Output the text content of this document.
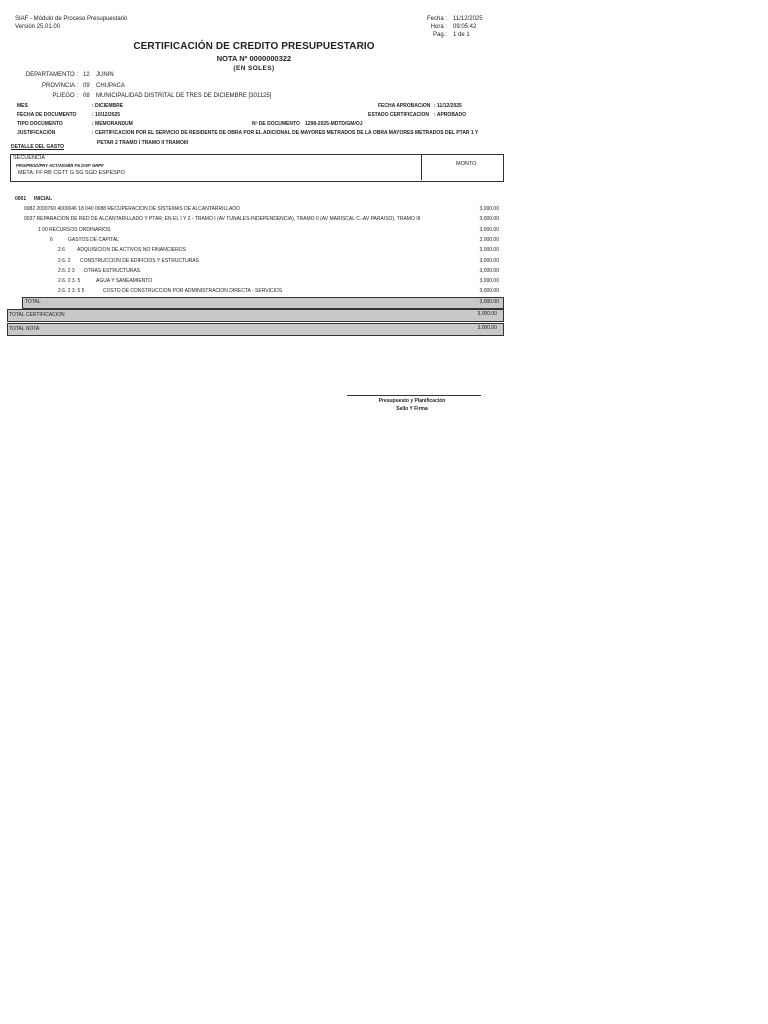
SIAF - Módulo de Proceso Presupuestario
Versión 25.01.00
Fecha : 11/12/2025
Hora : 09:05:42
Pag.: 1 de 1
CERTIFICACIÓN DE CREDITO PRESUPUESTARIO
NOTA Nº 0000000322
(EN SOLES)
DEPARTAMENTO : 12 JUNIN
PROVINCIA : 09 CHUPACA
PLIEGO : 08 MUNICIPALIDAD DISTRITAL DE TRES DE DICIEMBRE [301125]
MES	: DICIEMBRE	FECHA APROBACION : 11/12/2025
FECHA DE DOCUMENTO	: 10/12/2025	ESTADO CERTIFICACION : APROBADO
TIPO DOCUMENTO	: MEMORANDUM	Nº DE DOCUMENTO 1298-2025-MDTD/GM/OJ
JUSTIFICACIÓN	: CERTIFICACION POR EL SERVICIO DE RESIDENTE DE OBRA POR EL ADICIONAL DE MAYORES METRADOS DE LA OBRA MAYORES METRADOS DEL PTAR 1 Y
PETAR 2 TRAMO I TRAMO II TRAMOIII
DETALLE DEL GASTO
SECUENCIA
PRG/PROD/PRY ACT/AI/OBR FN DIVF GRPF
META: FF RB CGTT G SG SGD ESPESPO
MONTO
0001 INICIAL
0082 2000760 4000046 18 040 0088 RECUPERACION DE SISTEMAS DE ALCANTARRILLADO	3,000.00
0037 REPARACION DE RED DE ALCANTARILLADO Y PTAR; EN EL I Y 2 - TRAMO I (AV TUNALES-INDEPENDENCIA), TRAMO II (AV MARISCAL C.-AV PARAISO), TRAMO III	3,000.00
1 00 RECURSOS ORDINARIOS	3,000.00
6	GASTOS DE CAPITAL	3,000.00
2.6 ADQUISICION DE ACTIVOS NO FINANCIEROS	3,000.00
2.6. 2 CONSTRUCCION DE EDIFICIOS Y ESTRUCTURAS	3,000.00
2.6. 2 3 OTRAS ESTRUCTURAS	3,000.00
2.6. 2 3. 5	AGUA Y SANEAMIENTO	3,000.00
2.6. 2 3. 5 5	COSTO DE CONSTRUCCION POR ADMINISTRACION DIRECTA - SERVICIOS	3,000.00
TOTAL	3,000.00
TOTAL CERTIFICACION	3,000.00
TOTAL NOTA	3,000.00
Presupuesto y Planificación
Sello Y Firma
